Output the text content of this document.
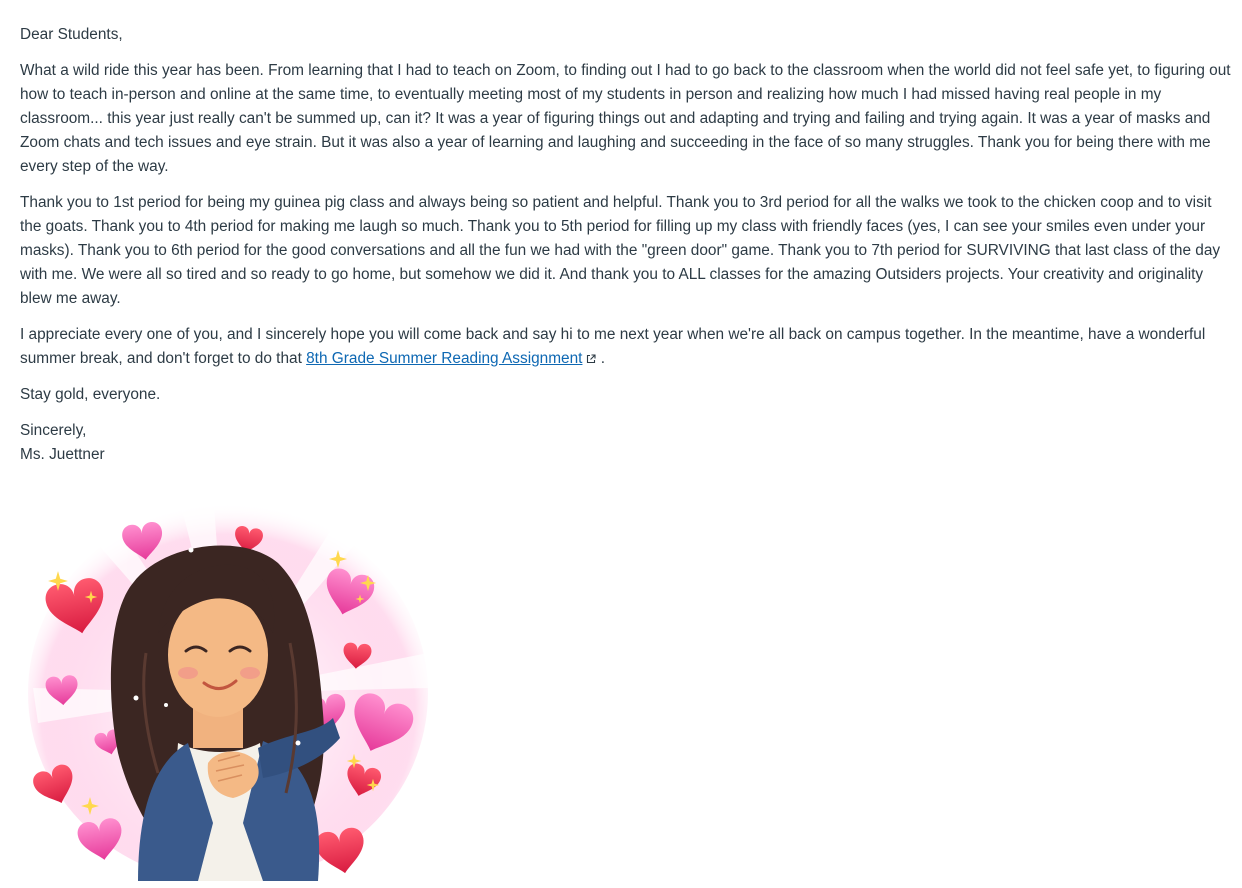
Dear Students,

What a wild ride this year has been. From learning that I had to teach on Zoom, to finding out I had to go back to the classroom when the world did not feel safe yet, to figuring out how to teach in-person and online at the same time, to eventually meeting most of my students in person and realizing how much I had missed having real people in my classroom... this year just really can't be summed up, can it? It was a year of figuring things out and adapting and trying and failing and trying again. It was a year of masks and Zoom chats and tech issues and eye strain. But it was also a year of learning and laughing and succeeding in the face of so many struggles. Thank you for being there with me every step of the way.

Thank you to 1st period for being my guinea pig class and always being so patient and helpful. Thank you to 3rd period for all the walks we took to the chicken coop and to visit the goats. Thank you to 4th period for making me laugh so much. Thank you to 5th period for filling up my class with friendly faces (yes, I can see your smiles even under your masks). Thank you to 6th period for the good conversations and all the fun we had with the "green door" game. Thank you to 7th period for SURVIVING that last class of the day with me. We were all so tired and so ready to go home, but somehow we did it. And thank you to ALL classes for the amazing Outsiders projects. Your creativity and originality blew me away.

I appreciate every one of you, and I sincerely hope you will come back and say hi to me next year when we're all back on campus together. In the meantime, have a wonderful summer break, and don't forget to do that 8th Grade Summer Reading Assignment .

Stay gold, everyone.

Sincerely,
Ms. Juettner
